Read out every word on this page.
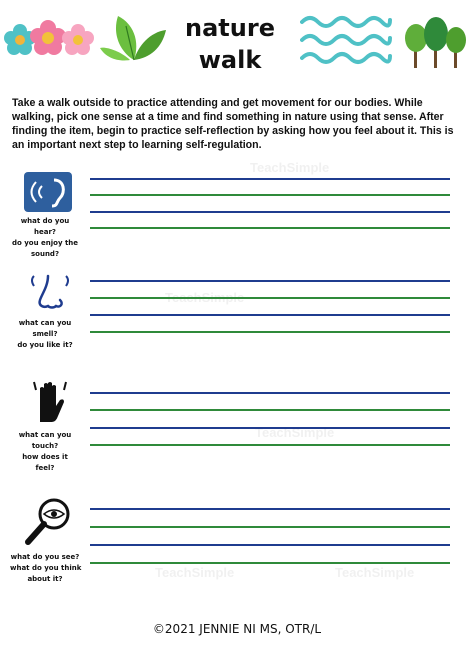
TeachSimple
TeachSimple
TeachSimple
TeachSimple	TeachSimple
nature
walk
Take a walk outside to practice attending and get movement for our bodies. While walking, pick one sense at a time and find something in nature using that sense. After finding the item, begin to practice self-reflection by asking how you feel about it. This is an important next step to learning self-regulation.
what do you
hear?
do you enjoy the
sound?
what can you
smell?
do you like it?
what can you
touch?
how does it
feel?
what do you see?
what do you think
about it?
©2021 JENNIE NI MS, OTR/L
